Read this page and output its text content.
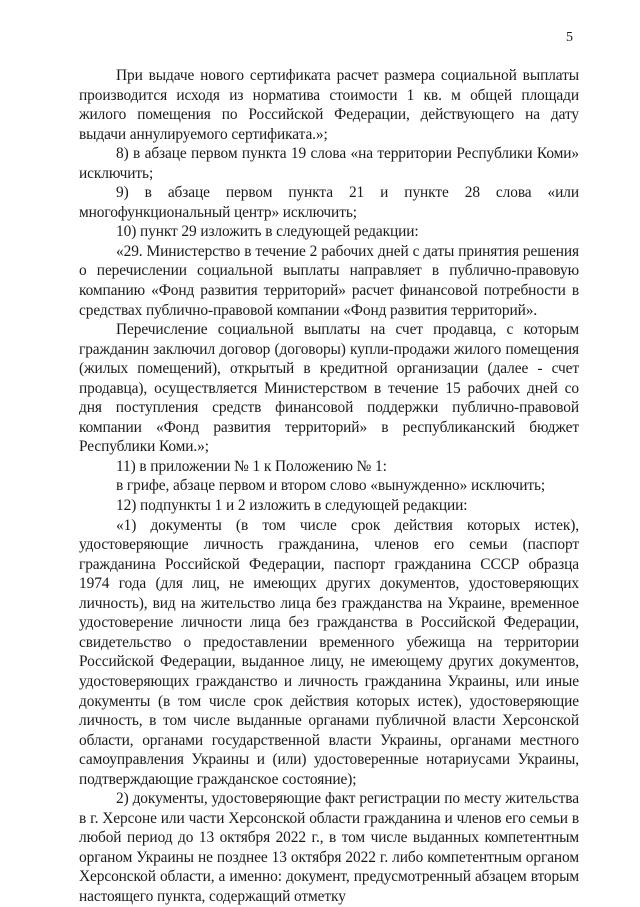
5

При выдаче нового сертификата расчет размера социальной выплаты производится исходя из норматива стоимости 1 кв. м общей площади жилого помещения по Российской Федерации, действующего на дату выдачи аннулируемого сертификата.»;

8) в абзаце первом пункта 19 слова «на территории Республики Коми» исключить;

9) в абзаце первом пункта 21 и пункте 28 слова «или многофункциональный центр» исключить;

10) пункт 29 изложить в следующей редакции:

«29. Министерство в течение 2 рабочих дней с даты принятия решения о перечислении социальной выплаты направляет в публично-правовую компанию «Фонд развития территорий» расчет финансовой потребности в средствах публично-правовой компании «Фонд развития территорий».

Перечисление социальной выплаты на счет продавца, с которым гражданин заключил договор (договоры) купли-продажи жилого помещения (жилых помещений), открытый в кредитной организации (далее - счет продавца), осуществляется Министерством в течение 15 рабочих дней со дня поступления средств финансовой поддержки публично-правовой компании «Фонд развития территорий» в республиканский бюджет Республики Коми.»;

11) в приложении № 1 к Положению № 1:

в грифе, абзаце первом и втором слово «вынужденно» исключить;

12) подпункты 1 и 2 изложить в следующей редакции:

«1) документы (в том числе срок действия которых истек), удостоверяющие личность гражданина, членов его семьи (паспорт гражданина Российской Федерации, паспорт гражданина СССР образца 1974 года (для лиц, не имеющих других документов, удостоверяющих личность), вид на жительство лица без гражданства на Украине, временное удостоверение личности лица без гражданства в Российской Федерации, свидетельство о предоставлении временного убежища на территории Российской Федерации, выданное лицу, не имеющему других документов, удостоверяющих гражданство и личность гражданина Украины, или иные документы (в том числе срок действия которых истек), удостоверяющие личность, в том числе выданные органами публичной власти Херсонской области, органами государственной власти Украины, органами местного самоуправления Украины и (или) удостоверенные нотариусами Украины, подтверждающие гражданское состояние);

2) документы, удостоверяющие факт регистрации по месту жительства в г. Херсоне или части Херсонской области гражданина и членов его семьи в любой период до 13 октября 2022 г., в том числе выданных компетентным органом Украины не позднее 13 октября 2022 г. либо компетентным органом Херсонской области, а именно: документ, предусмотренный абзацем вторым настоящего пункта, содержащий отметку
